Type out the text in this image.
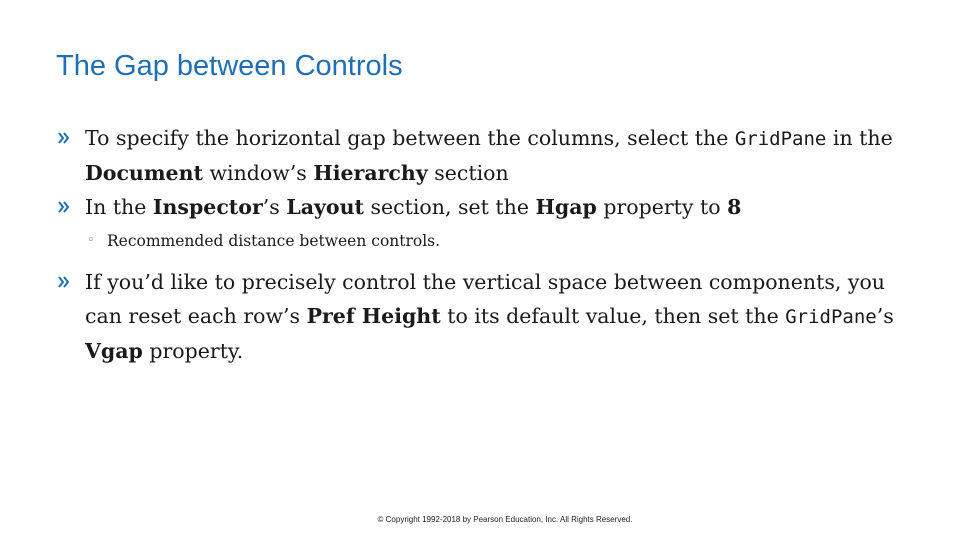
The Gap between Controls
To specify the horizontal gap between the columns, select the GridPane in the Document window’s Hierarchy section
In the Inspector’s Layout section, set the Hgap property to 8
◦ Recommended distance between controls.
If you’d like to precisely control the vertical space between components, you can reset each row’s Pref Height to its default value, then set the GridPane’s Vgap property.
© Copyright 1992-2018 by Pearson Education, Inc. All Rights Reserved.
